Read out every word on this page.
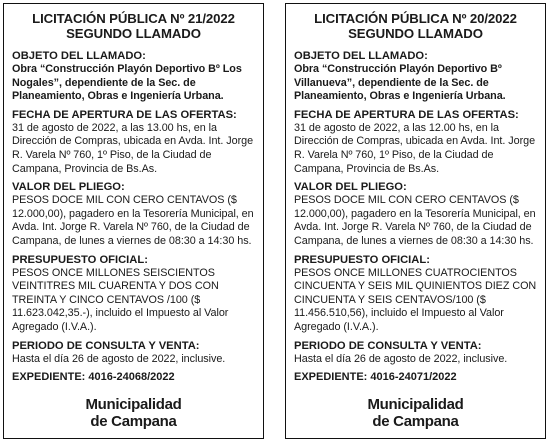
LICITACIÓN PÚBLICA Nº 21/2022
SEGUNDO LLAMADO

OBJETO DEL LLAMADO:

Obra “Construcción Playón Deportivo Bº Los Nogales”, dependiente de la Sec. de Planeamiento, Obras e Ingeniería Urbana.

FECHA DE APERTURA DE LAS OFERTAS:

31 de agosto de 2022, a las 13.00 hs, en la Dirección de Compras, ubicada en Avda. Int. Jorge R. Varela Nº 760, 1º Piso, de la Ciudad de Campana, Provincia de Bs.As.

VALOR DEL PLIEGO:

PESOS DOCE MIL CON CERO CENTAVOS ($ 12.000,00), pagadero en la Tesorería Municipal, en Avda. Int. Jorge R. Varela Nº 760, de la Ciudad de Campana, de lunes a viernes de 08:30 a 14:30 hs.

PRESUPUESTO OFICIAL:

PESOS ONCE MILLONES SEISCIENTOS VEINTITRES MIL CUARENTA Y DOS CON TREINTA Y CINCO CENTAVOS /100 ($ 11.623.042,35.-), incluido el Impuesto al Valor Agregado (I.V.A.).

PERIODO DE CONSULTA Y VENTA:

Hasta el día 26 de agosto de 2022, inclusive.

EXPEDIENTE: 4016-24068/2022

Municipalidad
de Campana
LICITACIÓN PÚBLICA Nº 20/2022
SEGUNDO LLAMADO

OBJETO DEL LLAMADO:

Obra “Construcción Playón Deportivo Bº Villanueva”, dependiente de la Sec. de Planeamiento, Obras e Ingeniería Urbana.

FECHA DE APERTURA DE LAS OFERTAS:

31 de agosto de 2022, a las 12.00 hs, en la Dirección de Compras, ubicada en Avda. Int. Jorge R. Varela Nº 760, 1º Piso, de la Ciudad de Campana, Provincia de Bs.As.

VALOR DEL PLIEGO:

PESOS DOCE MIL CON CERO CENTAVOS ($ 12.000,00), pagadero en la Tesorería Municipal, en Avda. Int. Jorge R. Varela Nº 760, de la Ciudad de Campana, de lunes a viernes de 08:30 a 14:30 hs.

PRESUPUESTO OFICIAL:

PESOS ONCE MILLONES CUATROCIENTOS CINCUENTA Y SEIS MIL QUINIENTOS DIEZ CON CINCUENTA Y SEIS CENTAVOS/100 ($ 11.456.510,56), incluido el Impuesto al Valor Agregado (I.V.A.).

PERIODO DE CONSULTA Y VENTA:

Hasta el día 26 de agosto de 2022, inclusive.

EXPEDIENTE: 4016-24071/2022

Municipalidad
de Campana
